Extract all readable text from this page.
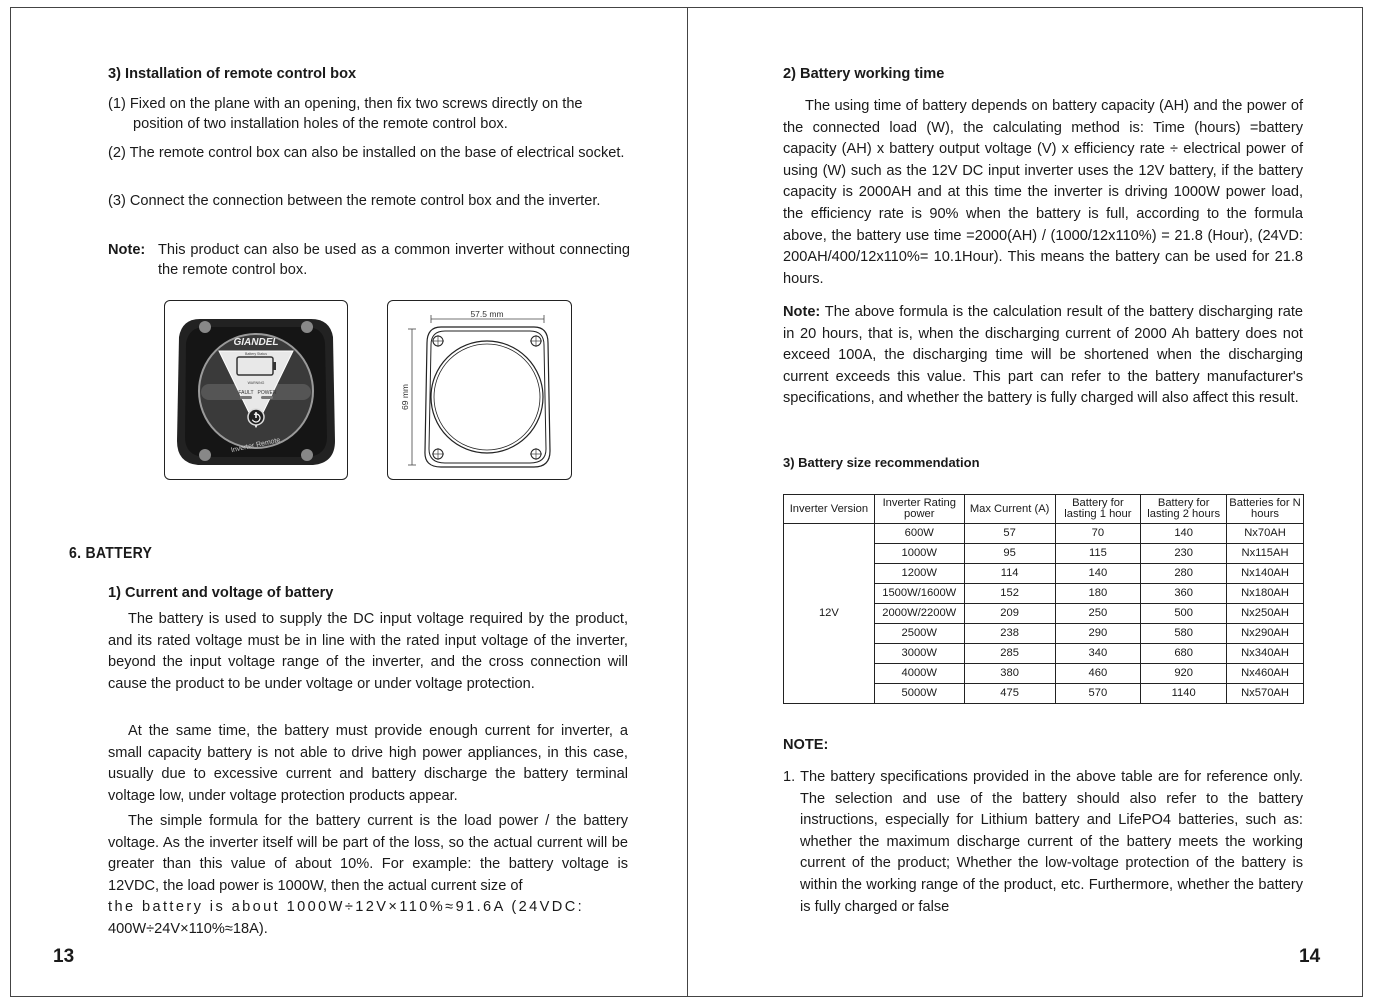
3) Installation of remote control box
(1) Fixed on the plane with an opening, then fix two screws directly on the position of two installation holes of the remote control box.
(2) The remote control box can also be installed on the base of electrical socket.
(3) Connect the connection between the remote control box and the inverter.
Note: This product can also be used as a common inverter without connecting the remote control box.
GIANDEL
Battery Status
WARNING
FAULT POWER
Inverter Remote
57.5 mm
69 mm
6. BATTERY
1) Current and voltage of battery

The battery is used to supply the DC input voltage required by the product, and its rated voltage must be in line with the rated input voltage of the inverter, beyond the input voltage range of the inverter, and the cross connection will cause the product to be under voltage or under voltage protection.

At the same time, the battery must provide enough current for inverter, a small capacity battery is not able to drive high power appliances, in this case, usually due to excessive current and battery discharge the battery terminal voltage low, under voltage protection products appear.

The simple formula for the battery current is the load power / the battery voltage. As the inverter itself will be part of the loss, so the actual current will be greater than this value of about 10%. For example: the battery voltage is 12VDC, the load power is 1000W, then the actual current size of

the battery is about 1000W÷12V×110%≈91.6A (24VDC:

400W÷24V×110%≈18A).

13
2) Battery working time

The using time of battery depends on battery capacity (AH) and the power of the connected load (W), the calculating method is: Time (hours) =battery capacity (AH) x battery output voltage (V) x efficiency rate ÷ electrical power of using (W) such as the 12V DC input inverter uses the 12V battery, if the battery capacity is 2000AH and at this time the inverter is driving 1000W power load, the efficiency rate is 90% when the battery is full, according to the formula above, the battery use time =2000(AH) / (1000/12x110%) = 21.8 (Hour), (24VD: 200AH/400/12x110%= 10.1Hour). This means the battery can be used for 21.8 hours.

Note: The above formula is the calculation result of the battery discharging rate in 20 hours, that is, when the discharging current of 2000 Ah battery does not exceed 100A, the discharging time will be shortened when the discharging current exceeds this value. This part can refer to the battery manufacturer's specifications, and whether the battery is fully charged will also affect this result.

3) Battery size recommendation
Inverter Version	Inverter Rating power	Max Current (A)	Battery for lasting 1 hour	Battery for lasting 2 hours	Batteries for N hours
12V	600W	57	70	140	Nx70AH
	1000W	95	115	230	Nx115AH
	1200W	114	140	280	Nx140AH
	1500W/1600W	152	180	360	Nx180AH
	2000W/2200W	209	250	500	Nx250AH
	2500W	238	290	580	Nx290AH
	3000W	285	340	680	Nx340AH
	4000W	380	460	920	Nx460AH
	5000W	475	570	1140	Nx570AH
NOTE:

1. The battery specifications provided in the above table are for reference only. The selection and use of the battery should also refer to the battery instructions, especially for Lithium battery and LifePO4 batteries, such as: whether the maximum discharge current of the battery meets the working current of the product; Whether the low-voltage protection of the battery is within the working range of the product, etc. Furthermore, whether the battery is fully charged or false

14
